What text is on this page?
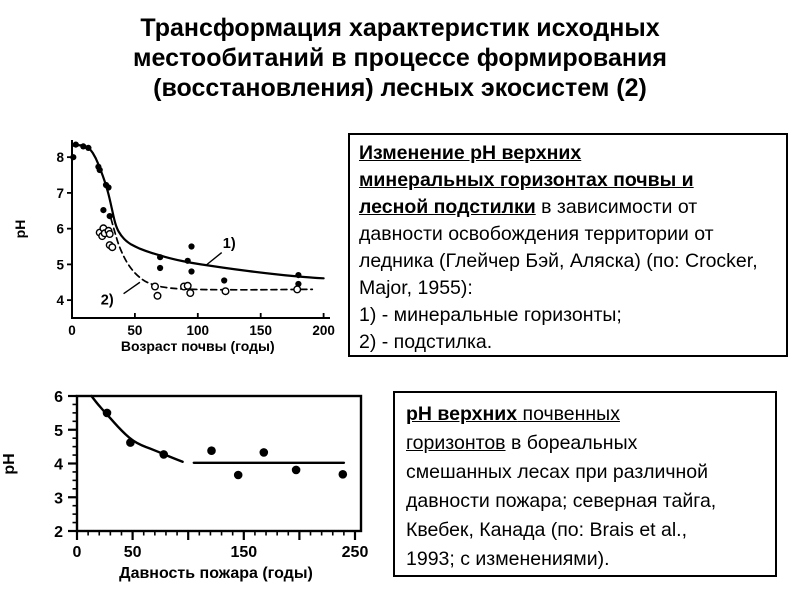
Трансформация характеристик исходных
местообитаний в процессе формирования
(восстановления) лесных экосистем (2)
0	50	100	150	200
4
5
6
7
8
Возраст почвы (годы)
pH
1)
2)
Изменение рН верхних
минеральных горизонтах почвы и
лесной подстилки в зависимости от
давности освобождения территории от
ледника (Глейчер Бэй, Аляска) (по: Crocker,
Major, 1955):
1) - минеральные горизонты;
2) - подстилка.
0	50	150	250
2
3
4
5
6
Давность пожара (годы)
pH
рН верхних почвенных
горизонтов в бореальных
смешанных лесах при различной
давности пожара; северная тайга,
Квебек, Канада (по: Brais et al.,
1993; с изменениями).
